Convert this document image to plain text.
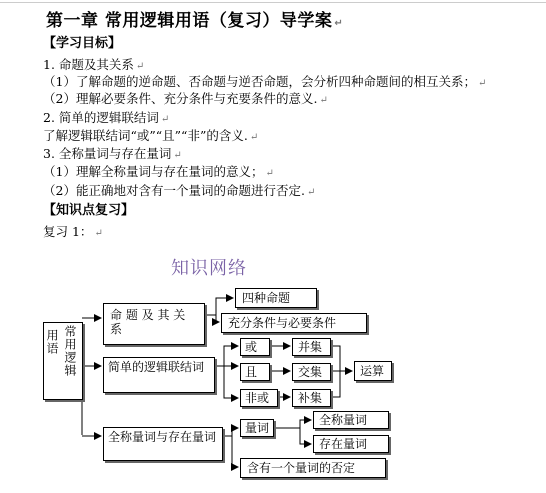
第一章 常用逻辑用语（复习）导学案 ↵
【学习目标】
1. 命题及其关系 ↵
（1）了解命题的逆命题、否命题与逆否命题，会分析四种命题间的相互关系； ↵
（2）理解必要条件、充分条件与充要条件的意义. ↵
2. 简单的逻辑联结词 ↵
了解逻辑联结词“或”“且”“非”的含义. ↵
3. 全称量词与存在量词 ↵
（1）理解全称量词与存在量词的意义； ↵
（2）能正确地对含有一个量词的命题进行否定. ↵
【知识点复习】
复习 1： ↵
知识网络
用语 常用逻辑
命 题 及 其 关 系
四种命题
充分条件与必要条件
简单的逻辑联结词
或
且
非或
并集
交集
补集
运算
全称量词与存在量词
量词
全称量词
存在量词
含有一个量词的否定
